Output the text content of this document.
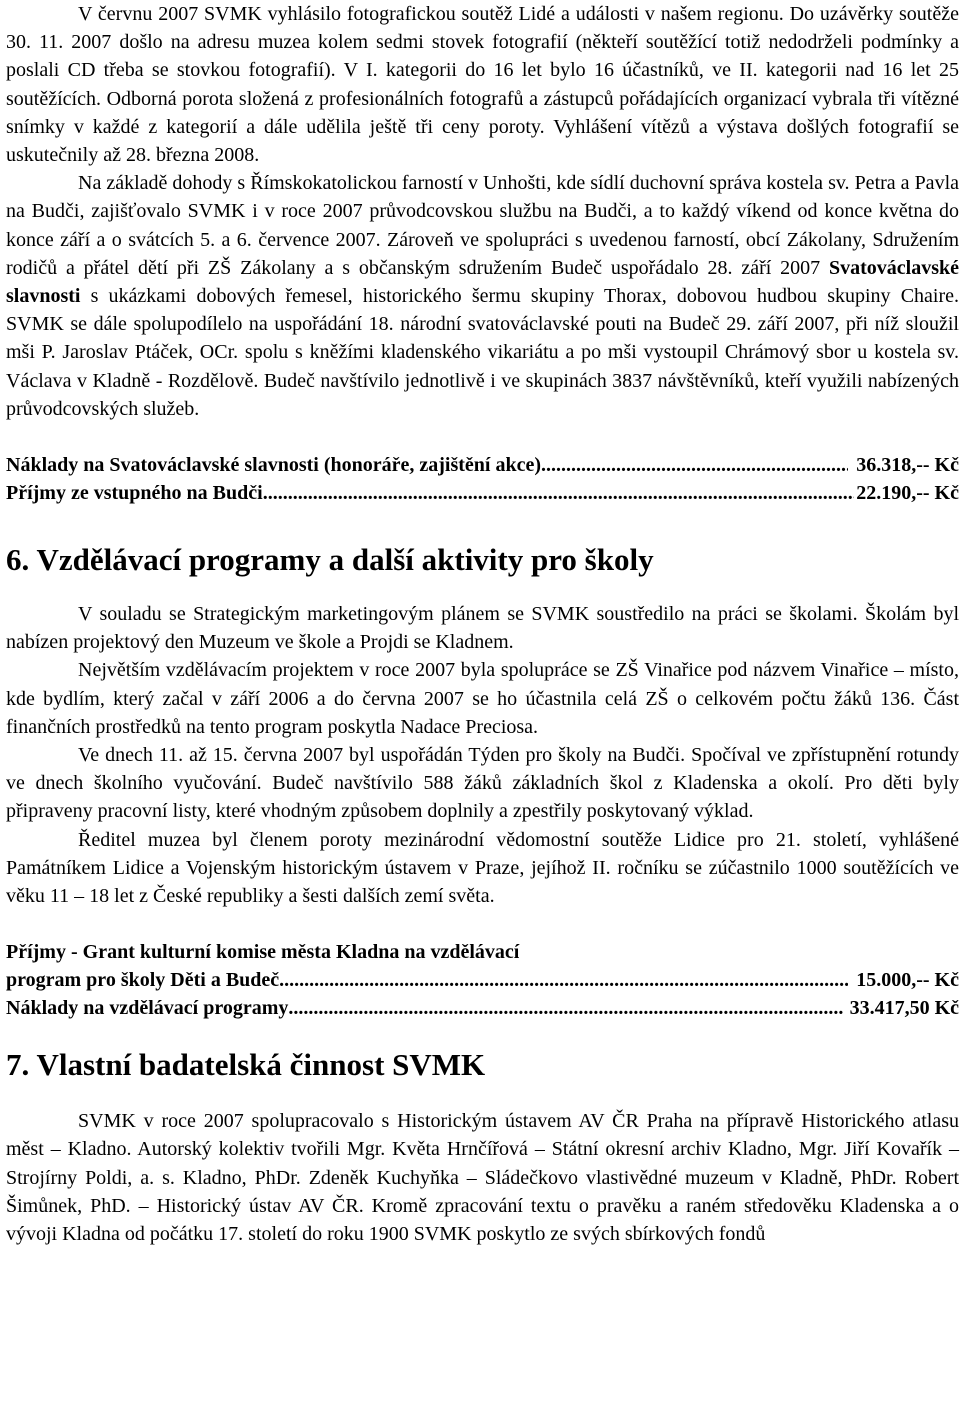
V červnu 2007 SVMK vyhlásilo fotografickou soutěž Lidé a události v našem regionu. Do uzávěrky soutěže 30. 11. 2007 došlo na adresu muzea kolem sedmi stovek fotografií (někteří soutěžící totiž nedodrželi podmínky a poslali CD třeba se stovkou fotografií). V I. kategorii do 16 let bylo 16 účastníků, ve II. kategorii nad 16 let 25 soutěžících. Odborná porota složená z profesionálních fotografů a zástupců pořádajících organizací vybrala tři vítězné snímky v každé z kategorií a dále udělila ještě tři ceny poroty. Vyhlášení vítězů a výstava došlých fotografií se uskutečnily až 28. března 2008.

Na základě dohody s Římskokatolickou farností v Unhošti, kde sídlí duchovní správa kostela sv. Petra a Pavla na Budči, zajišťovalo SVMK i v roce 2007 průvodcovskou službu na Budči, a to každý víkend od konce května do konce září a o svátcích 5. a 6. července 2007. Zároveň ve spolupráci s uvedenou farností, obcí Zákolany, Sdružením rodičů a přátel dětí při ZŠ Zákolany a s občanským sdružením Budeč uspořádalo 28. září 2007 Svatováclavské slavnosti s ukázkami dobových řemesel, historického šermu skupiny Thorax, dobovou hudbou skupiny Chaire. SVMK se dále spolupodílelo na uspořádání 18. národní svatováclavské pouti na Budeč 29. září 2007, při níž sloužil mši P. Jaroslav Ptáček, OCr. spolu s kněžími kladenského vikariátu a po mši vystoupil Chrámový sbor u kostela sv. Václava v Kladně - Rozdělově. Budeč navštívilo jednotlivě i ve skupinách 3837 návštěvníků, kteří využili nabízených průvodcovských služeb.

Náklady na Svatováclavské slavnosti (honoráře, zajištění akce) .....	36.318,-- Kč
Příjmy ze vstupného na Budči .....	22.190,-- Kč
6. Vzdělávací programy a další aktivity pro školy

V souladu se Strategickým marketingovým plánem se SVMK soustředilo na práci se školami. Školám byl nabízen projektový den Muzeum ve škole a Projdi se Kladnem.

Největším vzdělávacím projektem v roce 2007 byla spolupráce se ZŠ Vinařice pod názvem Vinařice – místo, kde bydlím, který začal v září 2006 a do června 2007 se ho účastnila celá ZŠ o celkovém počtu žáků 136. Část finančních prostředků na tento program poskytla Nadace Preciosa.

Ve dnech 11. až 15. června 2007 byl uspořádán Týden pro školy na Budči. Spočíval ve zpřístupnění rotundy ve dnech školního vyučování. Budeč navštívilo 588 žáků základních škol z Kladenska a okolí. Pro děti byly připraveny pracovní listy, které vhodným způsobem doplnily a zpestřily poskytovaný výklad.

Ředitel muzea byl členem poroty mezinárodní vědomostní soutěže Lidice pro 21. století, vyhlášené Památníkem Lidice a Vojenským historickým ústavem v Praze, jejíhož II. ročníku se zúčastnilo 1000 soutěžících ve věku 11 – 18 let z České republiky a šesti dalších zemí světa.

Příjmy - Grant kulturní komise města Kladna na vzdělávací
program pro školy Děti a Budeč .....	15.000,-- Kč
Náklady na vzdělávací programy .....	33.417,50 Kč
7. Vlastní badatelská činnost SVMK

SVMK v roce 2007 spolupracovalo s Historickým ústavem AV ČR Praha na přípravě Historického atlasu měst – Kladno. Autorský kolektiv tvořili Mgr. Květa Hrnčířová – Státní okresní archiv Kladno, Mgr. Jiří Kovařík – Strojírny Poldi, a. s. Kladno, PhDr. Zdeněk Kuchyňka – Sládečkovo vlastivědné muzeum v Kladně, PhDr. Robert Šimůnek, PhD. – Historický ústav AV ČR. Kromě zpracování textu o pravěku a raném středověku Kladenska a o vývoji Kladna od počátku 17. století do roku 1900 SVMK poskytlo ze svých sbírkových fondů
